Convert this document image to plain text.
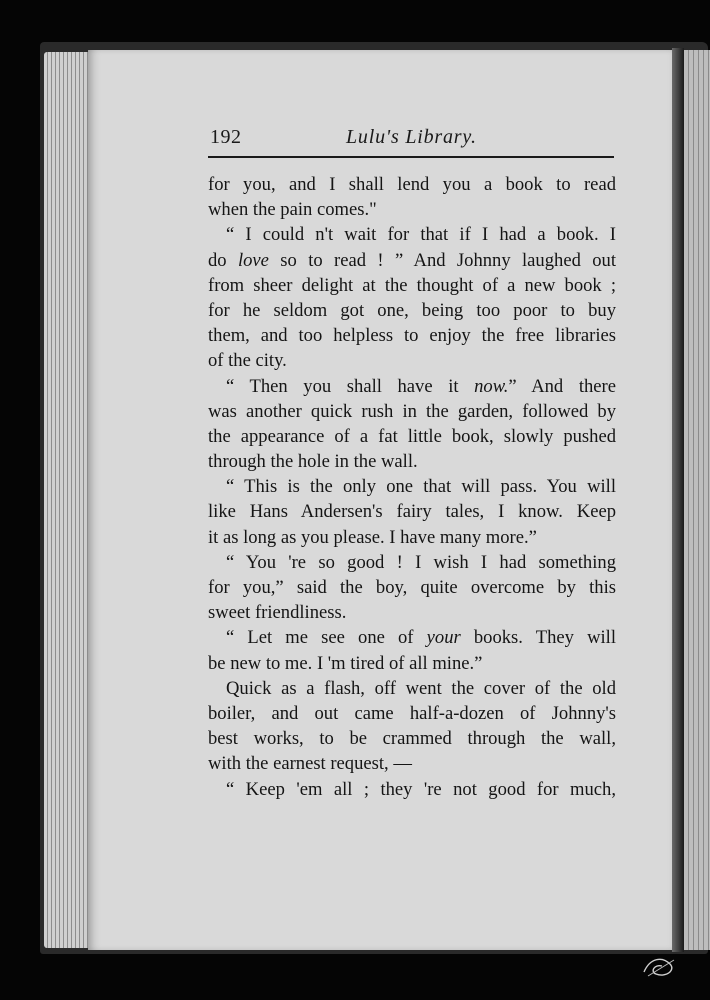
192	Lulu's Library.
for you, and I shall lend you a book to read
when the pain comes."
“ I could n't wait for that if I had a book. I
do love so to read ! ” And Johnny laughed out
from sheer delight at the thought of a new book ;
for he seldom got one, being too poor to buy
them, and too helpless to enjoy the free libraries
of the city.
“ Then you shall have it now.” And there
was another quick rush in the garden, followed by
the appearance of a fat little book, slowly pushed
through the hole in the wall.
“ This is the only one that will pass. You will
like Hans Andersen's fairy tales, I know. Keep
it as long as you please. I have many more.”
“ You 're so good ! I wish I had something
for you,” said the boy, quite overcome by this
sweet friendliness.
“ Let me see one of your books. They will
be new to me. I 'm tired of all mine.”
Quick as a flash, off went the cover of the old
boiler, and out came half-a-dozen of Johnny's
best works, to be crammed through the wall,
with the earnest request, —
“ Keep 'em all ; they 're not good for much,
